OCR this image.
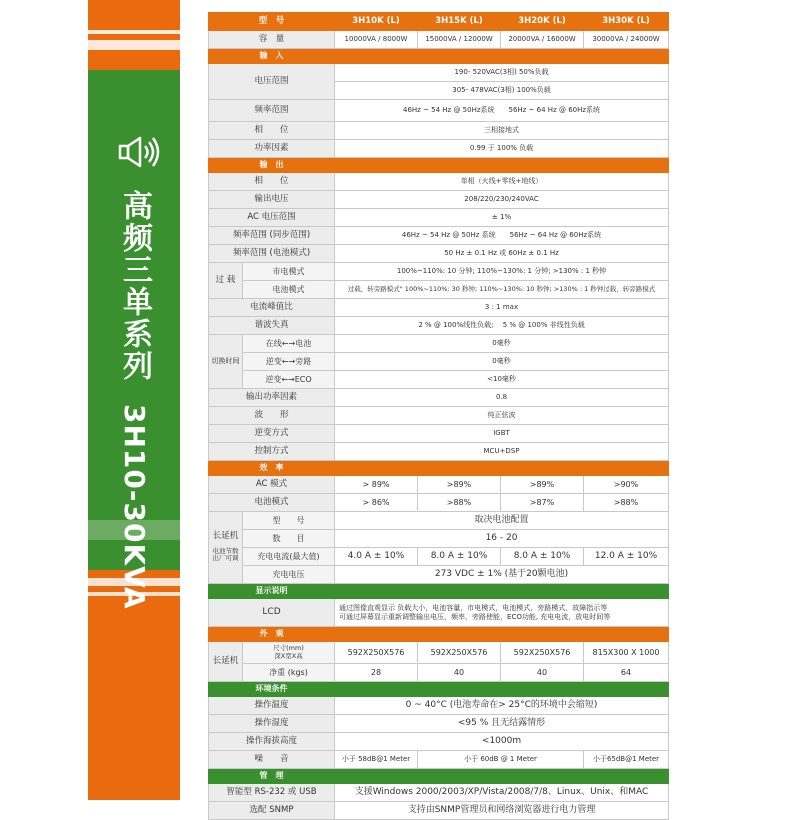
高频三单系列3H10-30KVA
型　号		3H10K (L)	3H15K (L)	3H20K (L)	3H30K (L)
容　量		10000VA / 8000W	15000VA / 12000W	20000VA / 16000W	30000VA / 24000W
输　入					
电压范围		190- 520VAC(3相) 50%负载			
		305- 478VAC(3相) 100%负载			
频率范围		46Hz ~ 54 Hz @ 50Hz系统　　56Hz ~ 64 Hz @ 60Hz系统			
相　　位		三相接地式			
功率因素		0.99 于 100% 负载			
输　出					
相　　位		单相（火线+零线+地线）			
输出电压		208/220/230/240VAC			
AC 电压范围		± 1%			
频率范围 (同步范围)		46Hz ~ 54 Hz @ 50Hz 系统　　56Hz ~ 64 Hz @ 60Hz系统			
频率范围 (电池模式)		50 Hz ± 0.1 Hz 或 60Hz ± 0.1 Hz			
过 载	市电模式	100%~110%: 10 分钟; 110%~130%: 1 分钟; >130% : 1 秒钟			
	电池模式	过载，转旁路模式" 100%~110%: 30 秒钟; 110%~130%: 10 秒钟; >130% : 1 秒钟过载，转旁路模式			
电流峰值比		3 : 1 max			
谐波失真		2 % @ 100%线性负载;　 5 % @ 100% 非线性负载			
切换时间	在线←→电池	0毫秒			
	逆变←→旁路	0毫秒			
	逆变←→ECO	<10毫秒			
输出功率因素		0.8			
波　　形		纯正弦波			
逆变方式		IGBT			
控制方式		MCU+DSP			
效　率					
AC 模式		> 89%	>89%	>89%	>90%
电池模式		> 86%	>88%	>87%	>88%

长延机
电池节数 出厂可调	型　　号	取决电池配置			
	数　　目	16 - 20			
	充电电流(最大值)	4.0 A ± 10%	8.0 A ± 10%	8.0 A ± 10%	12.0 A ± 10%
	充电电压	273 VDC ± 1% (基于20颗电池)			
显示说明					
LCD		通过图像直观显示 负载大小，电池容量，市电模式，电池模式，旁路模式，故障指示等
可通过屏幕显示重新调整输出电压，频率，旁路使能，ECO功能, 充电电流，放电时间等			

外　观					
长延机	尺寸(mm)
深X宽X高	592X250X576	592X250X576	592X250X576	815X300 X 1000
	净重 (kgs)	28	40	40	64
环境条件					
操作温度		0 ~ 40°C (电池寿命在> 25°C的环境中会缩短)			
操作湿度		<95 % 且无结露情形			
操作海拔高度		<1000m			
噪　　音		小于 58dB@1 Meter	小于 60dB @ 1 Meter		小于65dB@1 Meter
管　理					
智能型 RS-232 或 USB		支援Windows 2000/2003/XP/Vista/2008/7/8、Linux、Unix、和MAC			
选配 SNMP		支持由SNMP管理员和网络浏览器进行电力管理			
